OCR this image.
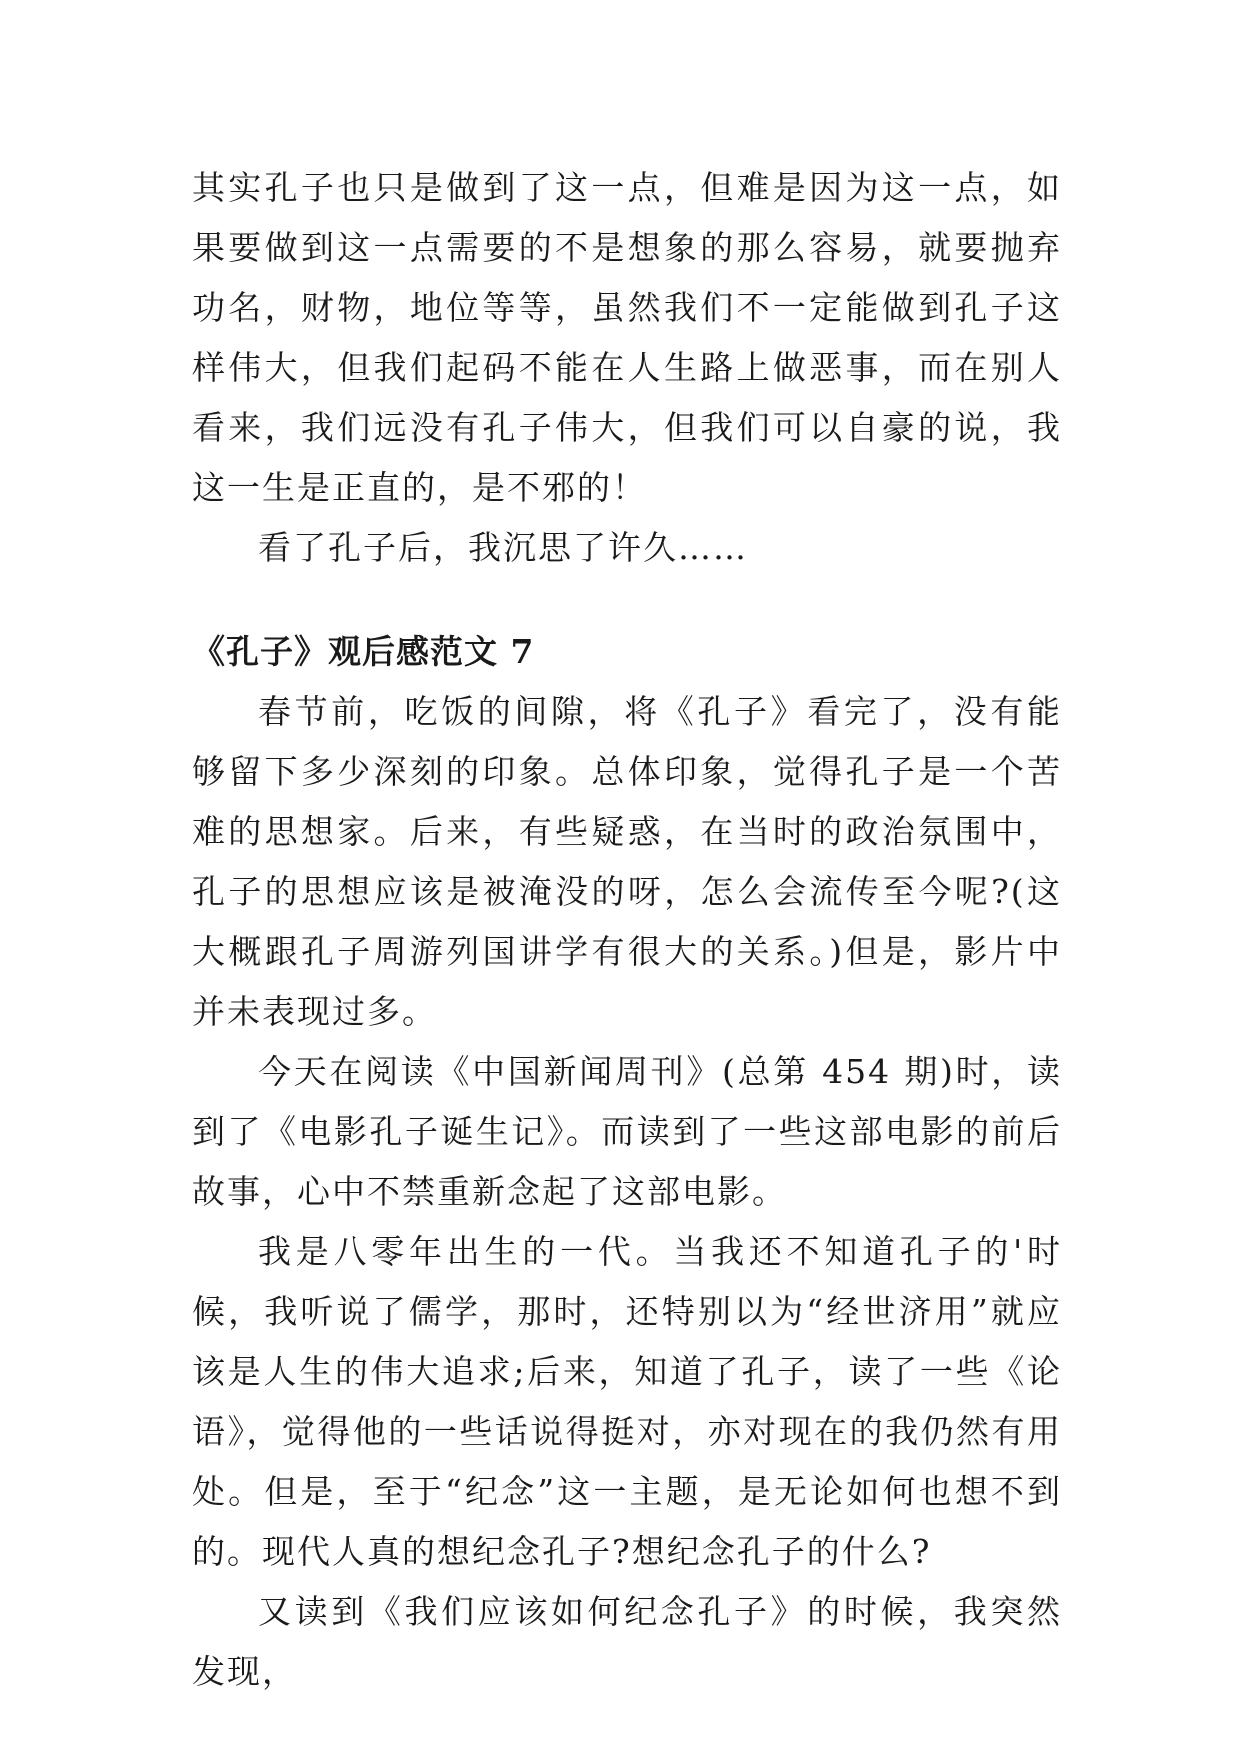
其实孔子也只是做到了这一点，但难是因为这一点，如果要做到这一点需要的不是想象的那么容易，就要抛弃功名，财物，地位等等，虽然我们不一定能做到孔子这样伟大，但我们起码不能在人生路上做恶事，而在别人看来，我们远没有孔子伟大，但我们可以自豪的说，我这一生是正直的，是不邪的！

看了孔子后，我沉思了许久……

《孔子》观后感范文 7

春节前，吃饭的间隙，将《孔子》看完了，没有能够留下多少深刻的印象。总体印象，觉得孔子是一个苦难的思想家。后来，有些疑惑，在当时的政治氛围中，孔子的思想应该是被淹没的呀，怎么会流传至今呢?(这大概跟孔子周游列国讲学有很大的关系。)但是，影片中并未表现过多。

今天在阅读《中国新闻周刊》(总第 454 期)时，读到了《电影孔子诞生记》。而读到了一些这部电影的前后故事，心中不禁重新念起了这部电影。

我是八零年出生的一代。当我还不知道孔子的'时候，我听说了儒学，那时，还特别以为“经世济用”就应该是人生的伟大追求;后来，知道了孔子，读了一些《论语》，觉得他的一些话说得挺对，亦对现在的我仍然有用处。但是，至于“纪念”这一主题，是无论如何也想不到的。现代人真的想纪念孔子?想纪念孔子的什么?

又读到《我们应该如何纪念孔子》的时候，我突然发现，
